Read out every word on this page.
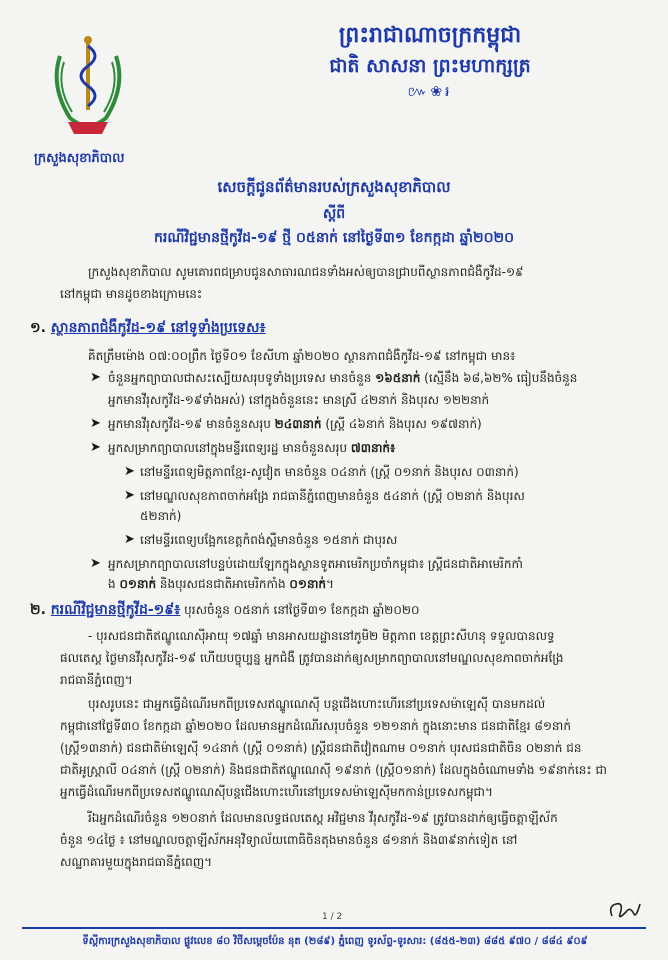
ក្រសួងសុខាភិបាល
ព្រះរាជាណាចក្រកម្ពុជា
ជាតិ សាសនា ព្រះមហាក្សត្រ
៚❀៛
សេចក្តីជូនព័ត៌មានរបស់ក្រសួងសុខាភិបាល
ស្តីពី
ករណីវិជ្ជមានថ្មីកូវីដ-១៩ ថ្មី ០៥នាក់ នៅថ្ងៃទី៣១ ខែកក្កដា ឆ្នាំ២០២០
ក្រសួងសុខាភិបាល សូមគោរពជម្រាបជូនសាធារណជនទាំងអស់ឲ្យបានជ្រាបពីស្ថានភាពជំងឺកូវីដ-១៩
នៅកម្ពុជា មានដូចខាងក្រោមនេះ
១. ស្ថានភាពជំងឺកូវីដ-១៩ នៅទូទាំងប្រទេស៖
គិតត្រឹមម៉ោង ០៧:០០ព្រឹក ថ្ងៃទី០១ ខែសីហា ឆ្នាំ២០២០ ស្ថានភាពជំងឺកូវីដ-១៩ នៅកម្ពុជា មាន៖
➤ ចំនួនអ្នកព្យាបាលជាសះស្បើយសរុបទូទាំងប្រទេស មានចំនួន ១៦៥នាក់ (ស្មើនឹង ៦៨,៦២% ធៀបនឹងចំនួន
អ្នកមានវីរុសកូវីដ-១៩ទាំងអស់) នៅក្នុងចំនួននេះ មានស្រី ៤២នាក់ និងបុរស ១២២នាក់
➤ អ្នកមានវីរុសកូវីដ-១៩ មានចំនួនសរុប ២៤៣នាក់ (ស្ត្រី ៤៦នាក់ និងបុរស ១៩៧នាក់)
➤ អ្នកសម្រាកព្យាបាលនៅក្នុងមន្ទីរពេទ្យរដ្ឋ មានចំនួនសរុប ៧៣នាក់៖
➤ នៅមន្ទីរពេទ្យមិត្តភាពខ្មែរ-សូវៀត មានចំនួន ០៤នាក់ (ស្ត្រី ០១នាក់ និងបុរស ០៣នាក់)
➤ នៅមណ្ឌលសុខភាពចាក់អង្រែ រាជធានីភ្នំពេញមានចំនួន ៥៤នាក់ (ស្ត្រី ០២នាក់ និងបុរស
៥២នាក់)
➤ នៅមន្ទីរពេទ្យបង្អែកខេត្តកំពង់ស្ពឺមានចំនួន ១៥នាក់ ជាបុរស
➤ អ្នកសម្រាកព្យាបាលនៅបន្ទប់ដោយឡែកក្នុងស្ថានទូតអាមេរិកប្រចាំកម្ពុជា៖ ស្ត្រីជនជាតិអាមេរិកកាំ
ង ០១នាក់ និងបុរសជនជាតិអាមេរិកកាំង ០១នាក់។
២. ករណីវិជ្ជមានថ្មីកូវីដ-១៩៖ បុរសចំនួន ០៥នាក់ នៅថ្ងៃទី៣១ ខែកក្កដា ឆ្នាំ២០២០
- បុរសជនជាតិឥណ្ឌូណេស៊ីអាយុ ១៧ឆ្នាំ មានអាសយដ្ឋាននៅភូមិ២ មិត្តភាព ខេត្តព្រះសីហនុ ទទួលបានលទ្ធ
ផលតេស្ត ថ្ងៃមានវីរុសកូវីដ-១៩ ហើយបច្ចុប្បន្ន អ្នកជំងឺ ត្រូវបានដាក់ឲ្យសម្រាកព្យាបាលនៅមណ្ឌលសុខភាពចាក់អង្រែ
រាជធានីភ្នំពេញ។
បុរសរូបនេះ ជាអ្នកធ្វើដំណើរមកពីប្រទេសឥណ្ឌូណេស៊ី បន្តជើងហោះហើរនៅប្រទេសម៉ាឡេស៊ី បានមកដល់
កម្ពុជានៅថ្ងៃទី៣០ ខែកក្កដា ឆ្នាំ២០២០ ដែលមានអ្នកដំណើរសរុបចំនួន ១២១នាក់ ក្នុងនោះមាន ជនជាតិខ្មែរ ៨១នាក់
(ស្ត្រី១៣នាក់) ជនជាតិម៉ាឡេស៊ី ១៤នាក់ (ស្ត្រី ០១នាក់) ស្ត្រីជនជាតិវៀតណាម ០១នាក់ បុរសជនជាតិចិន ០២នាក់ ជន
ជាតិអូស្ត្រាលី ០៤នាក់ (ស្ត្រី ០២នាក់) និងជនជាតិឥណ្ឌូណេស៊ី ១៩នាក់ (ស្ត្រី០១នាក់) ដែលក្នុងចំណោមទាំង ១៩នាក់នេះ ជា
អ្នកធ្វើដំណើរមកពីប្រទេសឥណ្ឌូណេស៊ីបន្តជើងហោះហើរនៅប្រទេសម៉ាឡេស៊ីមកកាន់ប្រទេសកម្ពុជា។
រីឯអ្នកដំណើរចំនួន ១២០នាក់ ដែលមានលទ្ធផលតេស្ត អវិជ្ជមាន វីរុសកូវីដ-១៩ ត្រូវបានដាក់ឲ្យធ្វើចត្តាឡីស័ក
ចំនួន ១៤ថ្ងៃ ៖ នៅមណ្ឌលចត្តាឡីស័កអនុវិទ្យាល័យពោធិចិនតុងមានចំនួន ៨១នាក់ និង៣៩នាក់ទៀត នៅ
សណ្ឋាគារមួយក្នុងរាជធានីភ្នំពេញ។
1 / 2
ទីស្តីការក្រសួងសុខាភិបាល ផ្លូវលេខ ៨០ វិថីសម្តេចប៉ែន នុត (២៨៩) ភ្នំពេញ ទូរស័ព្ទ-ទូរសារ: (៨៥៥-២៣) ៨៨៥ ៩៧០ / ៨៨៤ ៩០៩
